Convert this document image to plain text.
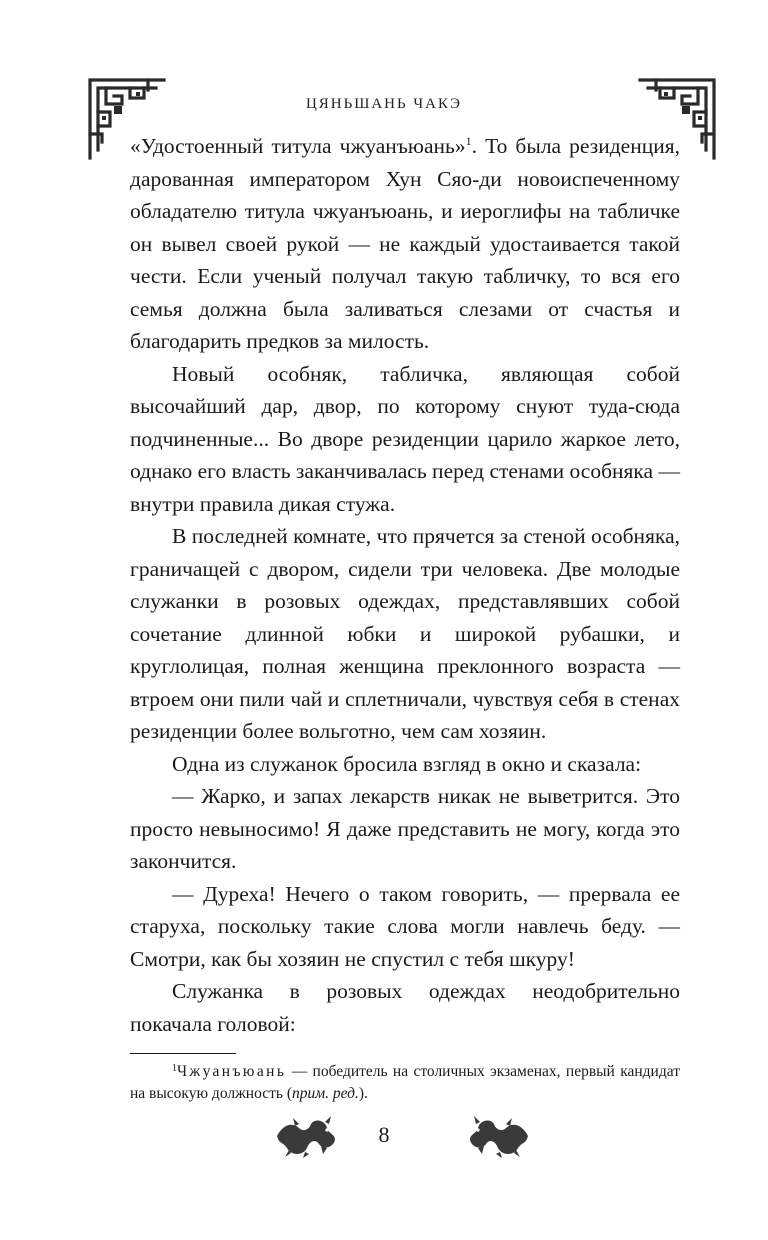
ЦЯНЬШАНЬ ЧАКЭ

«Удостоенный титула чжуанъюань»$^1$. То была резиденция, дарованная императором Хун Сяо-ди новоиспеченному обладателю титула чжуанъюань, и иероглифы на табличке он вывел своей рукой — не каждый удостаивается такой чести. Если ученый получал такую табличку, то вся его семья должна была заливаться слезами от счастья и благодарить предков за милость.

Новый особняк, табличка, являющая собой высочайший дар, двор, по которому снуют туда-сюда подчиненные... Во дворе резиденции царило жаркое лето, однако его власть заканчивалась перед стенами особняка — внутри правила дикая стужа.

В последней комнате, что прячется за стеной особняка, граничащей с двором, сидели три человека. Две молодые служанки в розовых одеждах, представлявших собой сочетание длинной юбки и широкой рубашки, и круглолицая, полная женщина преклонного возраста — втроем они пили чай и сплетничали, чувствуя себя в стенах резиденции более вольготно, чем сам хозяин.

Одна из служанок бросила взгляд в окно и сказала:

— Жарко, и запах лекарств никак не выветрится. Это просто невыносимо! Я даже представить не могу, когда это закончится.

— Дуреха! Нечего о таком говорить, — прервала ее старуха, поскольку такие слова могли навлечь беду. — Смотри, как бы хозяин не спустил с тебя шкуру!

Служанка в розовых одеждах неодобрительно покачала головой:

$^1$Чжуанъюань — победитель на столичных экзаменах, первый кандидат на высокую должность (прим. ред.).
8
